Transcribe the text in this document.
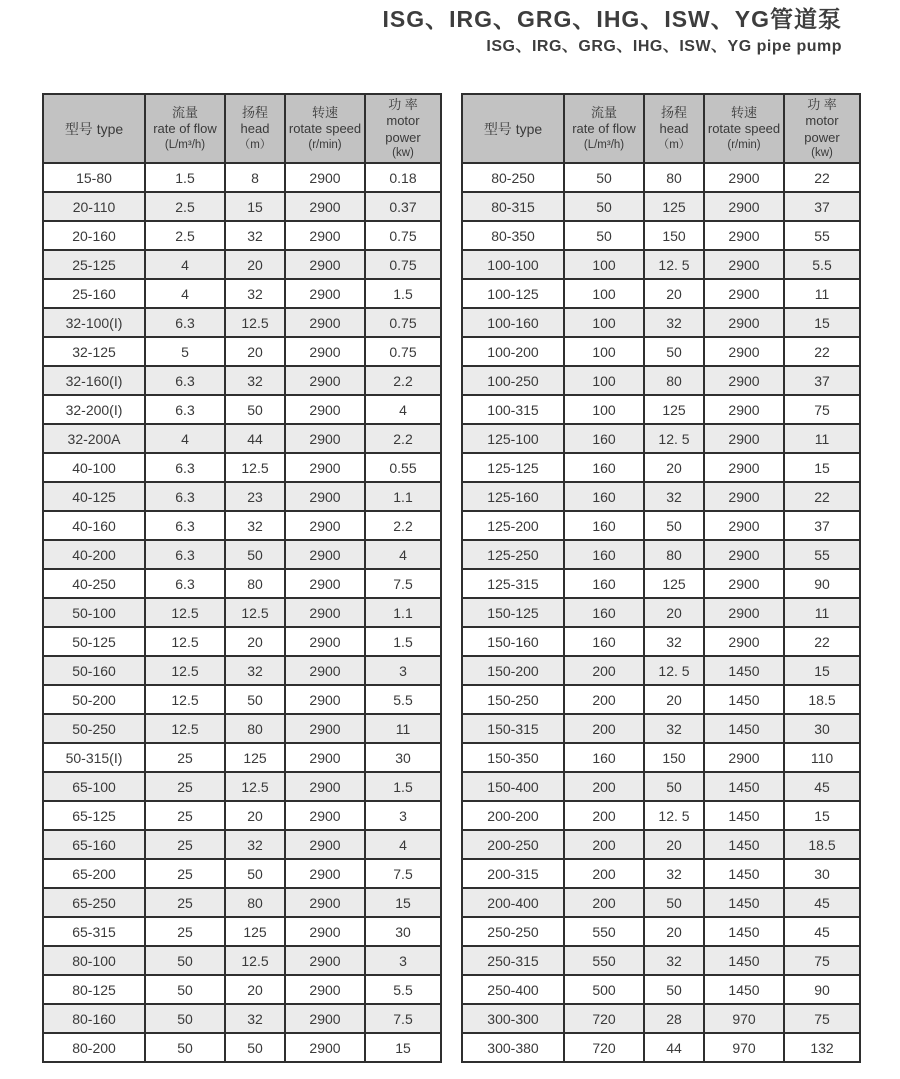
ISG、IRG、GRG、IHG、ISW、YG管道泵
ISG、IRG、GRG、IHG、ISW、YG pipe pump
型号 type

流量
rate of flow
(L/m³/h)

扬程
head
（m）

转速
rotate speed
(r/min)

功 率
motor power
(kw)

15-80	1.5	8	2900	0.18
20-110	2.5	15	2900	0.37
20-160	2.5	32	2900	0.75
25-125	4	20	2900	0.75
25-160	4	32	2900	1.5
32-100(I)	6.3	12.5	2900	0.75
32-125	5	20	2900	0.75
32-160(I)	6.3	32	2900	2.2
32-200(I)	6.3	50	2900	4
32-200A	4	44	2900	2.2
40-100	6.3	12.5	2900	0.55
40-125	6.3	23	2900	1.1
40-160	6.3	32	2900	2.2
40-200	6.3	50	2900	4
40-250	6.3	80	2900	7.5
50-100	12.5	12.5	2900	1.1
50-125	12.5	20	2900	1.5
50-160	12.5	32	2900	3
50-200	12.5	50	2900	5.5
50-250	12.5	80	2900	11
50-315(I)	25	125	2900	30
65-100	25	12.5	2900	1.5
65-125	25	20	2900	3
65-160	25	32	2900	4
65-200	25	50	2900	7.5
65-250	25	80	2900	15
65-315	25	125	2900	30
80-100	50	12.5	2900	3
80-125	50	20	2900	5.5
80-160	50	32	2900	7.5
80-200	50	50	2900	15
型号 type

流量
rate of flow
(L/m³/h)

扬程
head
（m）

转速
rotate speed
(r/min)

功 率
motor power
(kw)

80-250	50	80	2900	22
80-315	50	125	2900	37
80-350	50	150	2900	55
100-100	100	12. 5	2900	5.5
100-125	100	20	2900	11
100-160	100	32	2900	15
100-200	100	50	2900	22
100-250	100	80	2900	37
100-315	100	125	2900	75
125-100	160	12. 5	2900	11
125-125	160	20	2900	15
125-160	160	32	2900	22
125-200	160	50	2900	37
125-250	160	80	2900	55
125-315	160	125	2900	90
150-125	160	20	2900	11
150-160	160	32	2900	22
150-200	200	12. 5	1450	15
150-250	200	20	1450	18.5
150-315	200	32	1450	30
150-350	160	150	2900	110
150-400	200	50	1450	45
200-200	200	12. 5	1450	15
200-250	200	20	1450	18.5
200-315	200	32	1450	30
200-400	200	50	1450	45
250-250	550	20	1450	45
250-315	550	32	1450	75
250-400	500	50	1450	90
300-300	720	28	970	75
300-380	720	44	970	132
